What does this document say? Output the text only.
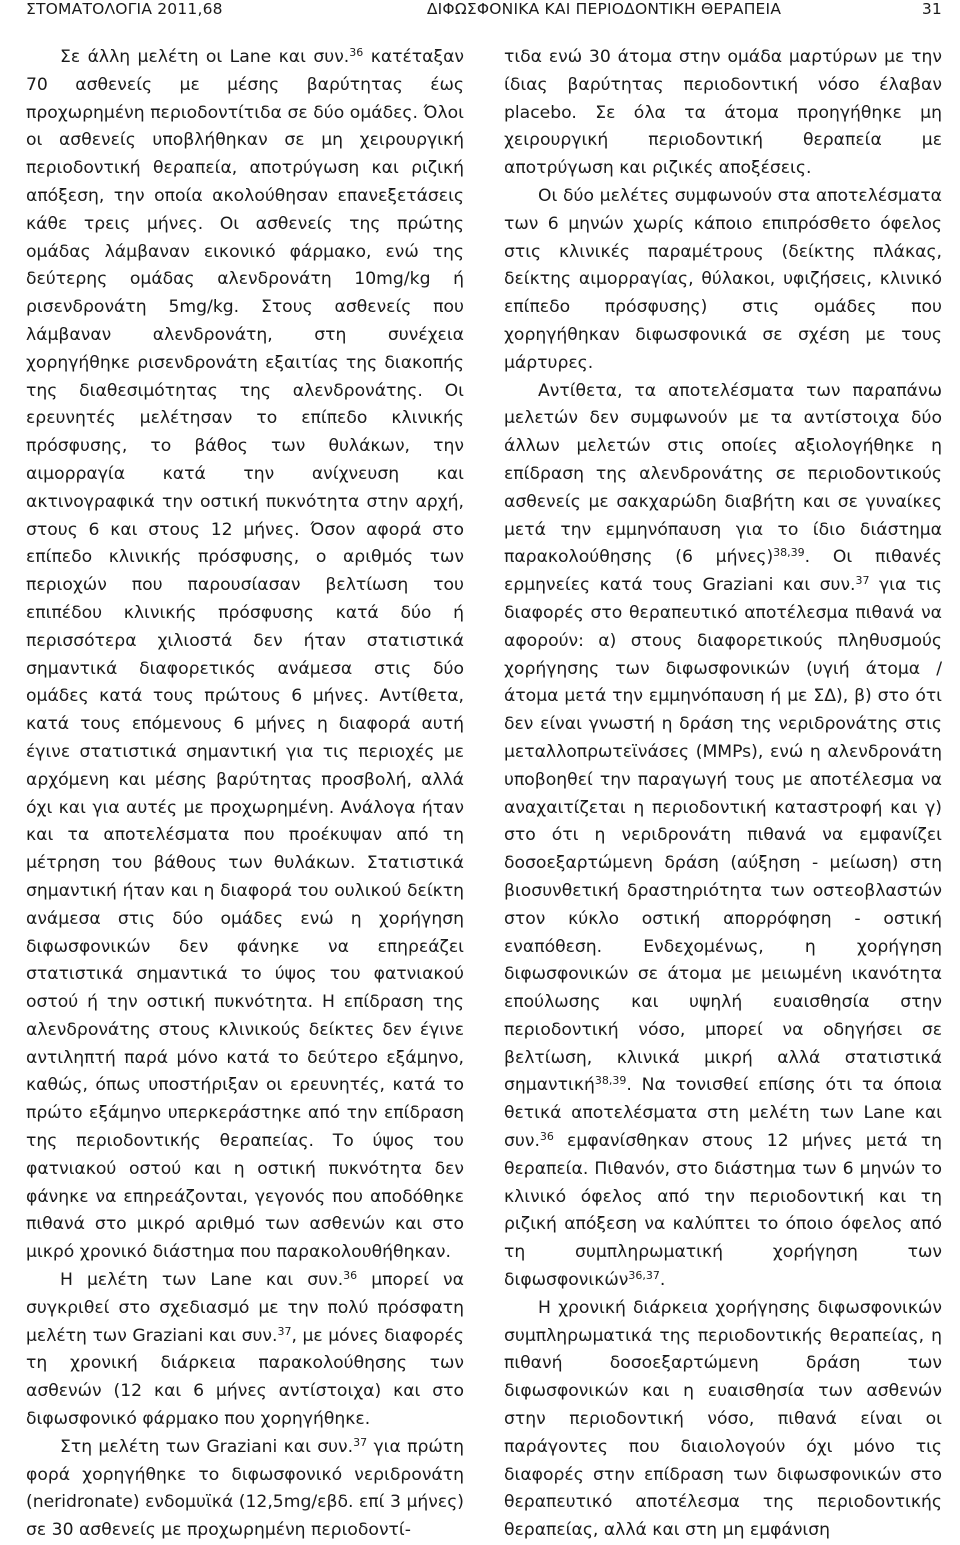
ΣΤΟΜΑΤΟΛΟΓΙΑ 2011,68	ΔΙΦΩΣΦΟΝΙΚΑ ΚΑΙ ΠΕΡΙΟΔΟΝΤΙΚΗ ΘΕΡΑΠΕΙΑ	31

Σε άλλη μελέτη οι Lane και συν.$^{36}$ κατέταξαν 70 ασθενείς με μέσης βαρύτητας έως προχωρημένη περιοδοντίτιδα σε δύο ομάδες. Όλοι οι ασθενείς υποβλήθηκαν σε μη χειρουργική περιοδοντική θεραπεία, αποτρύγωση και ριζική απόξεση, την οποία ακολούθησαν επανεξετάσεις κάθε τρεις μήνες. Οι ασθενείς της πρώτης ομάδας λάμβαναν εικονικό φάρμακο, ενώ της δεύτερης ομάδας αλενδρονάτη 10mg/kg ή ρισενδρονάτη 5mg/kg. Στους ασθενείς που λάμβαναν αλενδρονάτη, στη συνέχεια χορηγήθηκε ρισενδρονάτη εξαιτίας της διακοπής της διαθεσιμότητας της αλενδρονάτης. Οι ερευνητές μελέτησαν το επίπεδο κλινικής πρόσφυσης, το βάθος των θυλάκων, την αιμορραγία κατά την ανίχνευση και ακτινογραφικά την οστική πυκνότητα στην αρχή, στους 6 και στους 12 μήνες. Όσον αφορά στο επίπεδο κλινικής πρόσφυσης, ο αριθμός των περιοχών που παρουσίασαν βελτίωση του επιπέδου κλινικής πρόσφυσης κατά δύο ή περισσότερα χιλιοστά δεν ήταν στατιστικά σημαντικά διαφορετικός ανάμεσα στις δύο ομάδες κατά τους πρώτους 6 μήνες. Αντίθετα, κατά τους επόμενους 6 μήνες η διαφορά αυτή έγινε στατιστικά σημαντική για τις περιοχές με αρχόμενη και μέσης βαρύτητας προσβολή, αλλά όχι και για αυτές με προχωρημένη. Ανάλογα ήταν και τα αποτελέσματα που προέκυψαν από τη μέτρηση του βάθους των θυλάκων. Στατιστικά σημαντική ήταν και η διαφορά του ουλικού δείκτη ανάμεσα στις δύο ομάδες ενώ η χορήγηση διφωσφονικών δεν φάνηκε να επηρεάζει στατιστικά σημαντικά το ύψος του φατνιακού οστού ή την οστική πυκνότητα. Η επίδραση της αλενδρονάτης στους κλινικούς δείκτες δεν έγινε αντιληπτή παρά μόνο κατά το δεύτερο εξάμηνο, καθώς, όπως υποστήριξαν οι ερευνητές, κατά το πρώτο εξάμηνο υπερκεράστηκε από την επίδραση της περιοδοντικής θεραπείας. Το ύψος του φατνιακού οστού και η οστική πυκνότητα δεν φάνηκε να επηρεάζονται, γεγονός που αποδόθηκε πιθανά στο μικρό αριθμό των ασθενών και στο μικρό χρονικό διάστημα που παρακολουθήθηκαν.

Η μελέτη των Lane και συν.$^{36}$ μπορεί να συγκριθεί στο σχεδιασμό με την πολύ πρόσφατη μελέτη των Graziani και συν.$^{37}$, με μόνες διαφορές τη χρονική διάρκεια παρακολούθησης των ασθενών (12 και 6 μήνες αντίστοιχα) και στο διφωσφονικό φάρμακο που χορηγήθηκε.

Στη μελέτη των Graziani και συν.$^{37}$ για πρώτη φορά χορηγήθηκε το διφωσφονικό νεριδρονάτη (neridronate) ενδομυϊκά (12,5mg/εβδ. επί 3 μήνες) σε 30 ασθενείς με προχωρημένη περιοδοντί-

τιδα ενώ 30 άτομα στην ομάδα μαρτύρων με την ίδιας βαρύτητας περιοδοντική νόσο έλαβαν placebo. Σε όλα τα άτομα προηγήθηκε μη χειρουργική περιοδοντική θεραπεία με αποτρύγωση και ριζικές αποξέσεις.

Οι δύο μελέτες συμφωνούν στα αποτελέσματα των 6 μηνών χωρίς κάποιο επιπρόσθετο όφελος στις κλινικές παραμέτρους (δείκτης πλάκας, δείκτης αιμορραγίας, θύλακοι, υφιζήσεις, κλινικό επίπεδο πρόσφυσης) στις ομάδες που χορηγήθηκαν διφωσφονικά σε σχέση με τους μάρτυρες.

Αντίθετα, τα αποτελέσματα των παραπάνω μελετών δεν συμφωνούν με τα αντίστοιχα δύο άλλων μελετών στις οποίες αξιολογήθηκε η επίδραση της αλενδρονάτης σε περιοδοντικούς ασθενείς με σακχαρώδη διαβήτη και σε γυναίκες μετά την εμμηνόπαυση για το ίδιο διάστημα παρακολούθησης (6 μήνες)$^{38,39}$. Οι πιθανές ερμηνείες κατά τους Graziani και συν.$^{37}$ για τις διαφορές στο θεραπευτικό αποτέλεσμα πιθανά να αφορούν: α) στους διαφορετικούς πληθυσμούς χορήγησης των διφωσφονικών (υγιή άτομα / άτομα μετά την εμμηνόπαυση ή με ΣΔ), β) στο ότι δεν είναι γνωστή η δράση της νεριδρονάτης στις μεταλλοπρωτεϊνάσες (MMPs), ενώ η αλενδρονάτη υποβοηθεί την παραγωγή τους με αποτέλεσμα να αναχαιτίζεται η περιοδοντική καταστροφή και γ) στο ότι η νεριδρονάτη πιθανά να εμφανίζει δοσοεξαρτώμενη δράση (αύξηση - μείωση) στη βιοσυνθετική δραστηριότητα των οστεοβλαστών στον κύκλο οστική απορρόφηση - οστική εναπόθεση. Ενδεχομένως, η χορήγηση διφωσφονικών σε άτομα με μειωμένη ικανότητα επούλωσης και υψηλή ευαισθησία στην περιοδοντική νόσο, μπορεί να οδηγήσει σε βελτίωση, κλινικά μικρή αλλά στατιστικά σημαντική$^{38,39}$. Να τονισθεί επίσης ότι τα όποια θετικά αποτελέσματα στη μελέτη των Lane και συν.$^{36}$ εμφανίσθηκαν στους 12 μήνες μετά τη θεραπεία. Πιθανόν, στο διάστημα των 6 μηνών το κλινικό όφελος από την περιοδοντική και τη ριζική απόξεση να καλύπτει το όποιο όφελος από τη συμπληρωματική χορήγηση των διφωσφονικών$^{36,37}$.

Η χρονική διάρκεια χορήγησης διφωσφονικών συμπληρωματικά της περιοδοντικής θεραπείας, η πιθανή δοσοεξαρτώμενη δράση των διφωσφονικών και η ευαισθησία των ασθενών στην περιοδοντική νόσο, πιθανά είναι οι παράγοντες που διαιολογούν όχι μόνο τις διαφορές στην επίδραση των διφωσφονικών στο θεραπευτικό αποτέλεσμα της περιοδοντικής θεραπείας, αλλά και στη μη εμφάνιση
